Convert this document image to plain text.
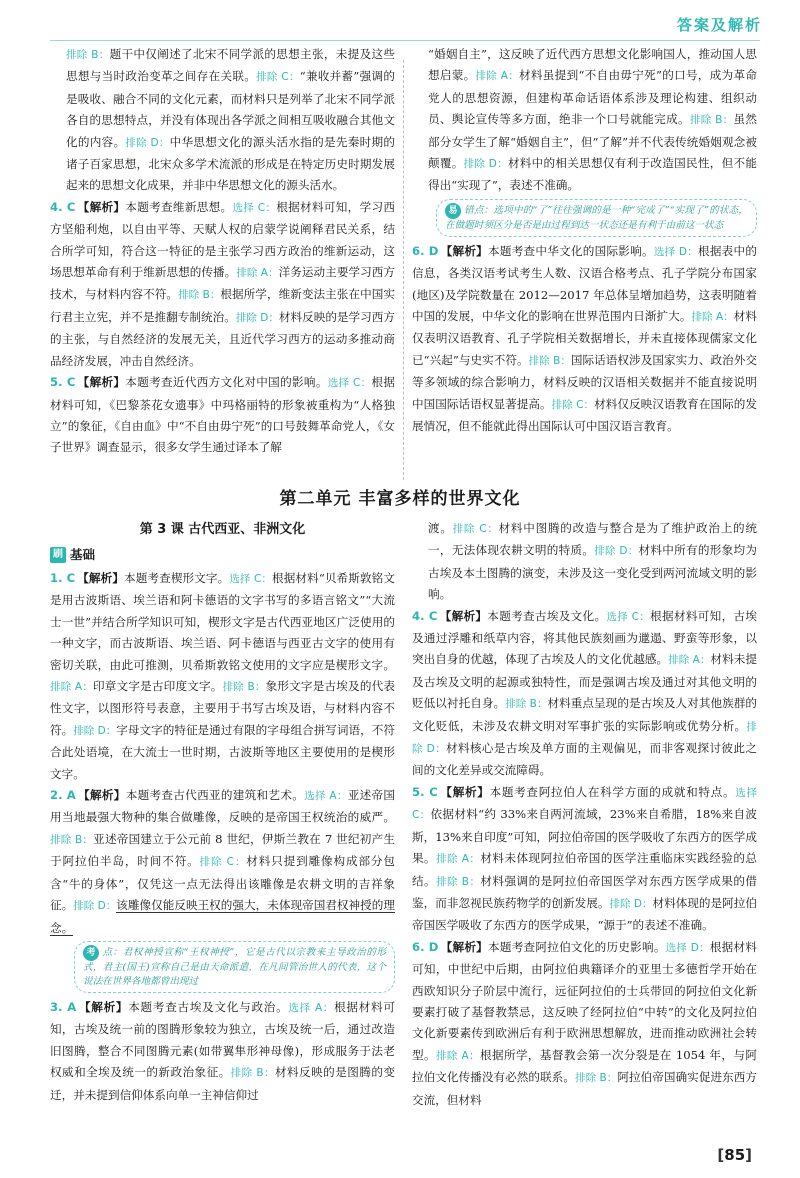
答案及解析

排除 B：题干中仅阐述了北宋不同学派的思想主张，未提及这些思想与当时政治变革之间存在关联。排除 C：“兼收并蓄”强调的是吸收、融合不同的文化元素，而材料只是列举了北宋不同学派各自的思想特点，并没有体现出各学派之间相互吸收融合其他文化的内容。排除 D：中华思想文化的源头活水指的是先秦时期的诸子百家思想，北宋众多学术流派的形成是在特定历史时期发展起来的思想文化成果，并非中华思想文化的源头活水。

4. C 【解析】本题考查维新思想。选择 C：根据材料可知，学习西方坚船利炮，以自由平等、天赋人权的启蒙学说阐释君民关系，结合所学可知，符合这一特征的是主张学习西方政治的维新运动，这场思想革命有利于维新思想的传播。排除 A：洋务运动主要学习西方技术，与材料内容不符。排除 B：根据所学，维新变法主张在中国实行君主立宪，并不是推翻专制统治。排除 D：材料反映的是学习西方的主张，与自然经济的发展无关，且近代学习西方的运动多推动商品经济发展，冲击自然经济。

5. C 【解析】本题考查近代西方文化对中国的影响。选择 C：根据材料可知，《巴黎茶花女遗事》中玛格丽特的形象被重构为“人格独立”的象征，《自由血》中“不自由毋宁死”的口号鼓舞革命党人，《女子世界》调查显示，很多女学生通过译本了解

“婚姻自主”，这反映了近代西方思想文化影响国人，推动国人思想启蒙。排除 A：材料虽提到“不自由毋宁死”的口号，成为革命党人的思想资源，但建构革命话语体系涉及理论构建、组织动员、舆论宣传等多方面，绝非一个口号就能完成。排除 B：虽然部分女学生了解“婚姻自主”，但“了解”并不代表传统婚姻观念被颠覆。排除 D：材料中的相关思想仅有利于改造国民性，但不能得出“实现了”，表述不准确。

易 错点：选项中的“了”往往强调的是一种“完成了”“实现了”的状态，在做题时须区分是否是由过程到达一状态还是有利于由前这一状态

6. D 【解析】本题考查中华文化的国际影响。选择 D：根据表中的信息，各类汉语考试考生人数、汉语合格考点、孔子学院分布国家(地区)及学院数量在 2012—2017 年总体呈增加趋势，这表明随着中国的发展，中华文化的影响在世界范围内日渐扩大。排除 A：材料仅表明汉语教育、孔子学院相关数据增长，并未直接体现儒家文化已“兴起”与史实不符。排除 B：国际话语权涉及国家实力、政治外交等多领域的综合影响力，材料反映的汉语相关数据并不能直接说明中国国际话语权显著提高。排除 C：材料仅反映汉语教育在国际的发展情况，但不能就此得出国际认可中国汉语言教育。

第二单元 丰富多样的世界文化
第 3 课 古代西亚、非洲文化
刷 基础

1. C 【解析】本题考查楔形文字。选择 C：根据材料“贝希斯敦铭文是用古波斯语、埃兰语和阿卡德语的文字书写的多语言铭文”“大流士一世”并结合所学知识可知，楔形文字是古代西亚地区广泛使用的一种文字，而古波斯语、埃兰语、阿卡德语与西亚古文字的使用有密切关联，由此可推测，贝希斯敦铭文使用的文字应是楔形文字。排除 A：印章文字是古印度文字。排除 B：象形文字是古埃及的代表性文字，以图形符号表意，主要用于书写古埃及语，与材料内容不符。排除 D：字母文字的特征是通过有限的字母组合拼写词语，不符合此处语境，在大流士一世时期，古波斯等地区主要使用的是楔形文字。

2. A 【解析】本题考查古代西亚的建筑和艺术。选择 A：亚述帝国用当地最强大物种的集合做雕像，反映的是帝国王权统治的威严。排除 B：亚述帝国建立于公元前 8 世纪，伊斯兰教在 7 世纪初产生于阿拉伯半岛，时间不符。排除 C：材料只提到雕像构成部分包含“牛的身体”，仅凭这一点无法得出该雕像是农耕文明的吉祥象征。排除 D：该雕像仅能反映王权的强大，未体现帝国君权神授的理念。

考 点：君权神授宣称“王权神授”，它是古代以宗教来主导政治的形式，君主(国王)宣称自己是由天命派遣，在凡间管治世人的代表，这个说法在世界各地都曾出现过

3. A 【解析】本题考查古埃及文化与政治。选择 A：根据材料可知，古埃及统一前的图腾形象较为独立，古埃及统一后，通过改造旧图腾，整合不同图腾元素(如带翼隼形神母像)，形成服务于法老权威和全埃及统一的新政治象征。排除 B：材料反映的是图腾的变迁，并未提到信仰体系向单一主神信仰过

渡。排除 C：材料中图腾的改造与整合是为了维护政治上的统一，无法体现农耕文明的特质。排除 D：材料中所有的形象均为古埃及本土图腾的演变，未涉及这一变化受到两河流域文明的影响。

4. C 【解析】本题考查古埃及文化。选择 C：根据材料可知，古埃及通过浮雕和纸草内容，将其他民族刻画为邋遢、野蛮等形象，以突出自身的优越，体现了古埃及人的文化优越感。排除 A：材料未提及古埃及文明的起源或独特性，而是强调古埃及通过对其他文明的贬低以衬托自身。排除 B：材料重点呈现的是古埃及人对其他族群的文化贬低，未涉及农耕文明对军事扩张的实际影响或优势分析。排除 D：材料核心是古埃及单方面的主观偏见，而非客观探讨彼此之间的文化差异或交流障碍。

5. C 【解析】本题考查阿拉伯人在科学方面的成就和特点。选择 C：依据材料“约 33%来自两河流域，23%来自希腊，18%来自波斯，13%来自印度”可知，阿拉伯帝国的医学吸收了东西方的医学成果。排除 A：材料未体现阿拉伯帝国的医学注重临床实践经验的总结。排除 B：材料强调的是阿拉伯帝国医学对东西方医学成果的借鉴，而非忽视民族药物学的创新发展。排除 D：材料体现的是阿拉伯帝国医学吸收了东西方的医学成果，“源于”的表述不准确。

6. D 【解析】本题考查阿拉伯文化的历史影响。选择 D：根据材料可知，中世纪中后期，由阿拉伯典籍译介的亚里士多德哲学开始在西欧知识分子阶层中流行，远征阿拉伯的士兵带回的阿拉伯文化新要素打破了基督教禁忌，这反映了经阿拉伯“中转”的文化及阿拉伯文化新要素传到欧洲后有利于欧洲思想解放，进而推动欧洲社会转型。排除 A：根据所学，基督教会第一次分裂是在 1054 年，与阿拉伯文化传播没有必然的联系。排除 B：阿拉伯帝国确实促进东西方交流，但材料

[85]
